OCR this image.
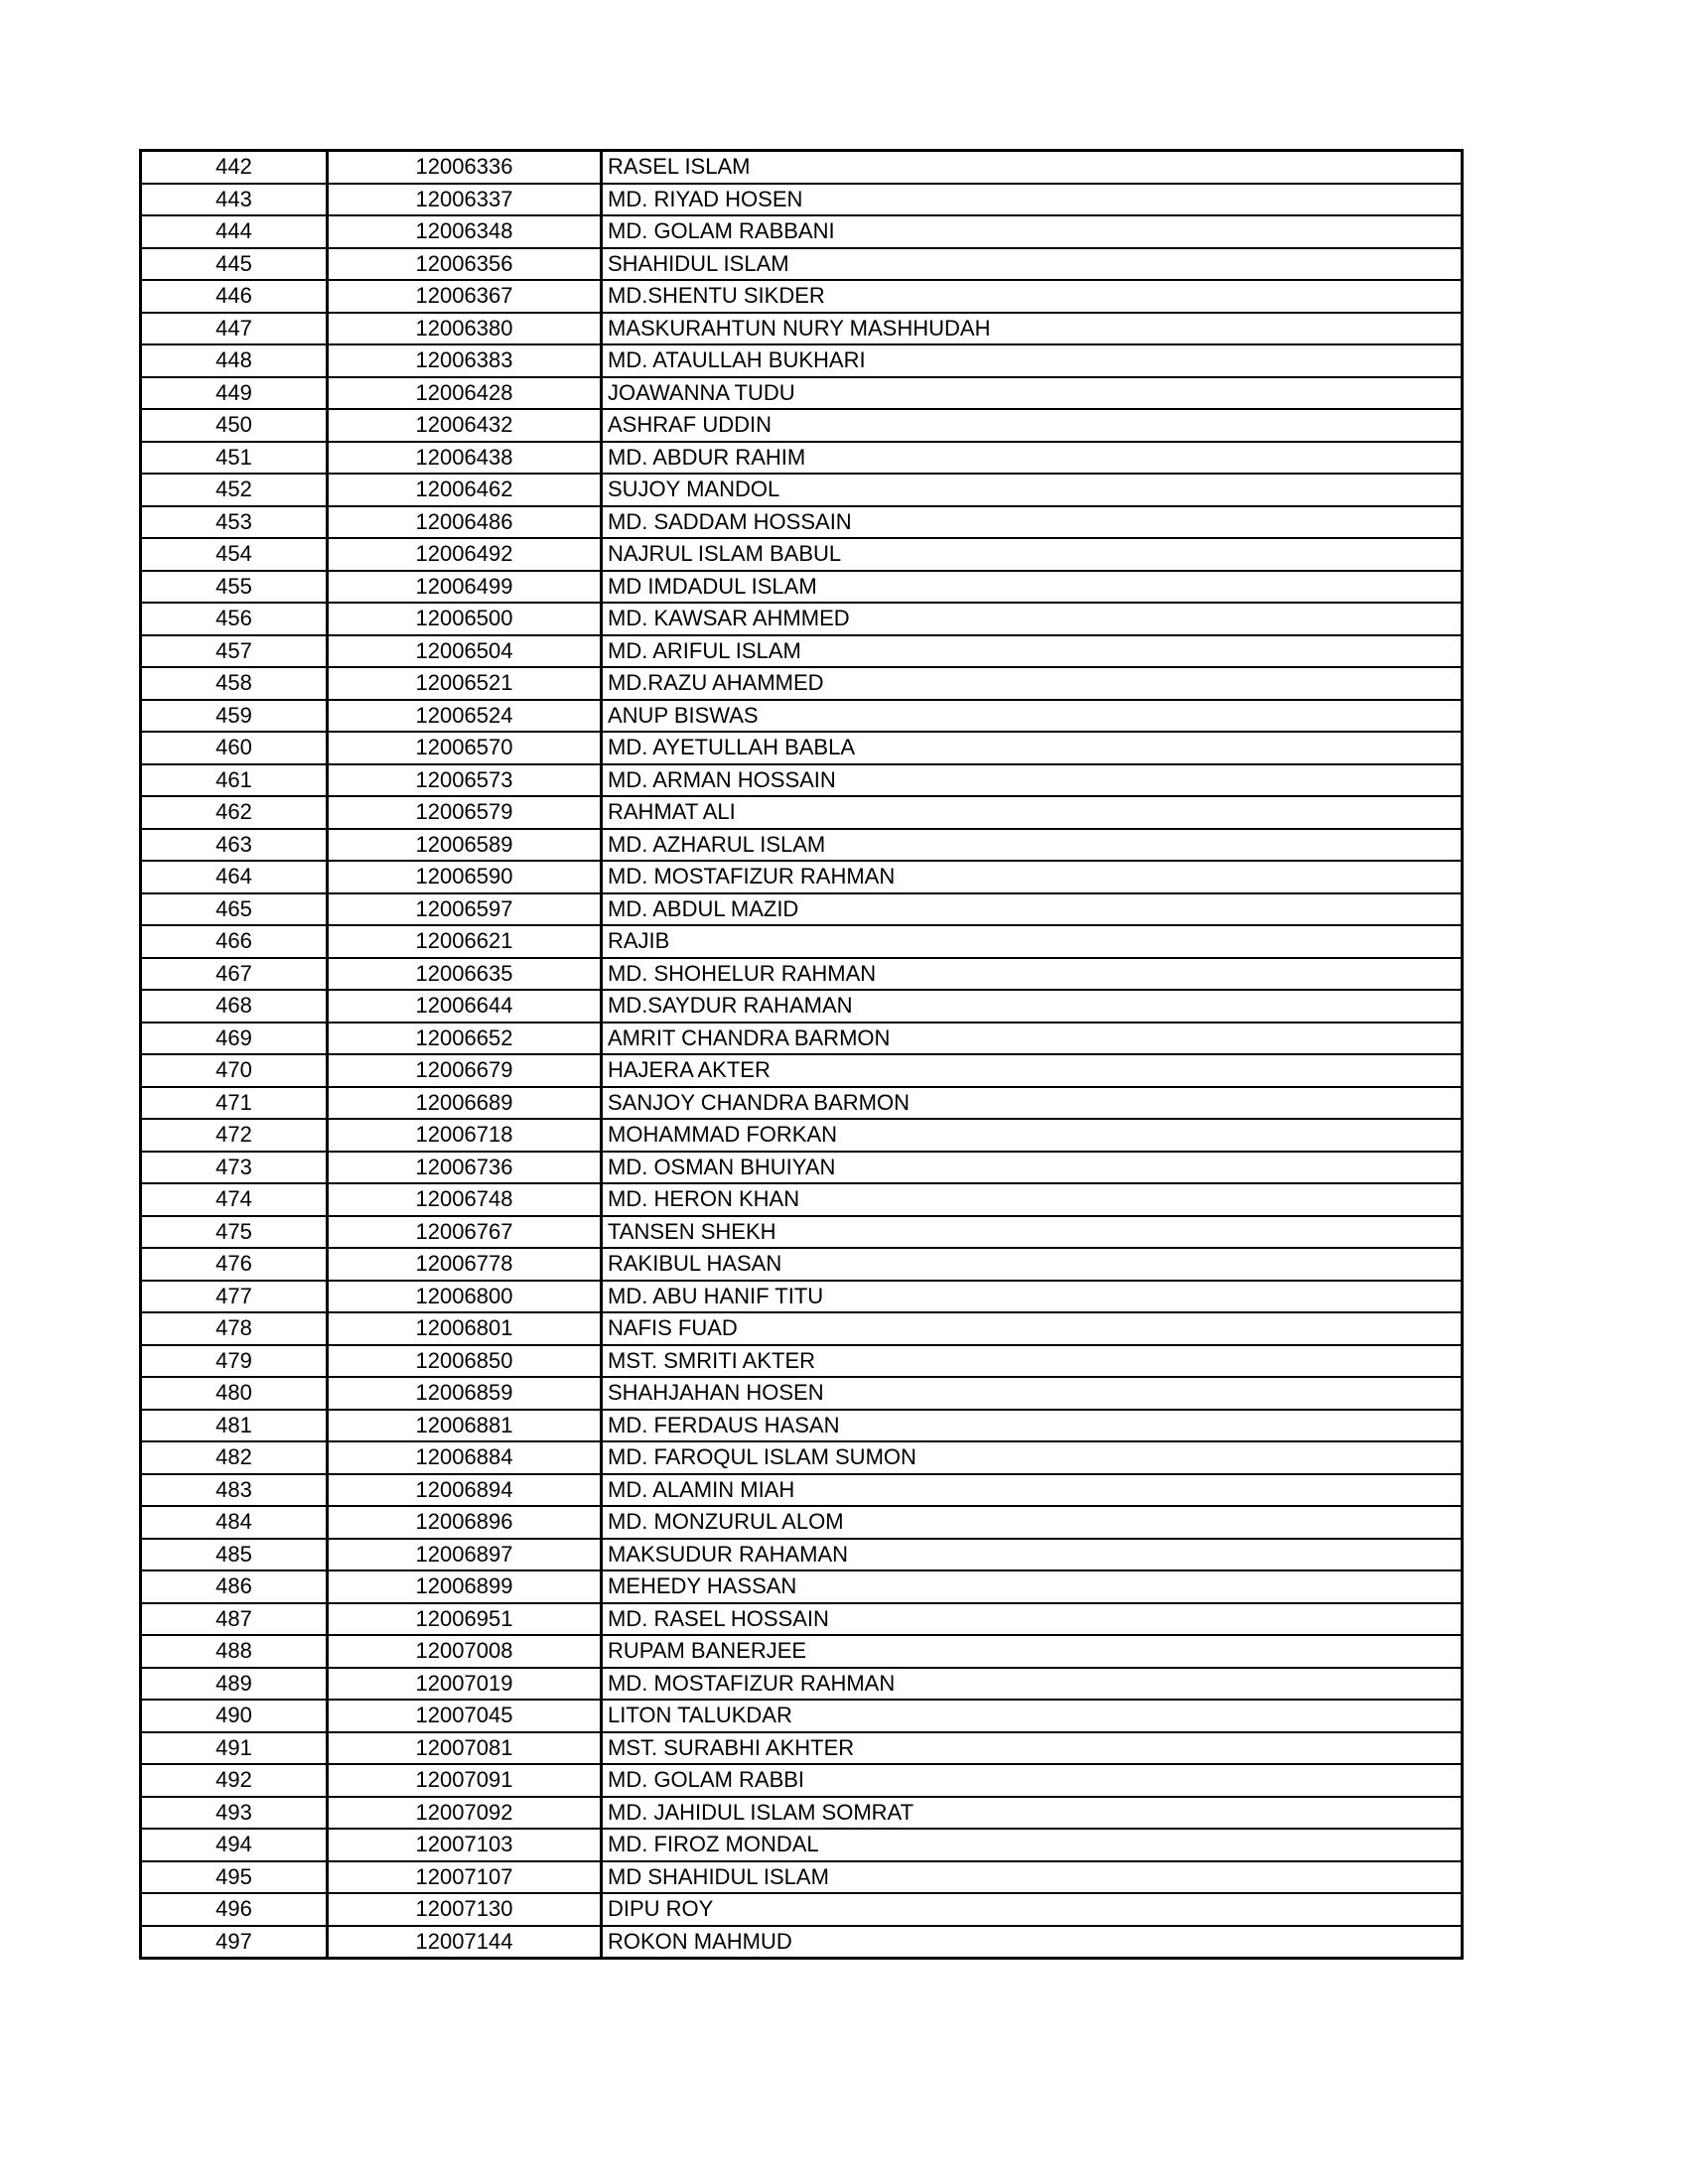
442	12006336	RASEL ISLAM
443	12006337	MD. RIYAD HOSEN
444	12006348	MD. GOLAM RABBANI
445	12006356	SHAHIDUL ISLAM
446	12006367	MD.SHENTU SIKDER
447	12006380	MASKURAHTUN NURY MASHHUDAH
448	12006383	MD. ATAULLAH BUKHARI
449	12006428	JOAWANNA TUDU
450	12006432	ASHRAF UDDIN
451	12006438	MD. ABDUR RAHIM
452	12006462	SUJOY MANDOL
453	12006486	MD. SADDAM HOSSAIN
454	12006492	NAJRUL ISLAM BABUL
455	12006499	MD IMDADUL ISLAM
456	12006500	MD. KAWSAR AHMMED
457	12006504	MD. ARIFUL ISLAM
458	12006521	MD.RAZU AHAMMED
459	12006524	ANUP BISWAS
460	12006570	MD. AYETULLAH BABLA
461	12006573	MD. ARMAN HOSSAIN
462	12006579	RAHMAT ALI
463	12006589	MD. AZHARUL ISLAM
464	12006590	MD. MOSTAFIZUR RAHMAN
465	12006597	MD. ABDUL MAZID
466	12006621	RAJIB
467	12006635	MD. SHOHELUR RAHMAN
468	12006644	MD.SAYDUR RAHAMAN
469	12006652	AMRIT CHANDRA BARMON
470	12006679	HAJERA AKTER
471	12006689	SANJOY CHANDRA BARMON
472	12006718	MOHAMMAD FORKAN
473	12006736	MD. OSMAN BHUIYAN
474	12006748	MD. HERON KHAN
475	12006767	TANSEN SHEKH
476	12006778	RAKIBUL HASAN
477	12006800	MD. ABU HANIF TITU
478	12006801	NAFIS FUAD
479	12006850	MST. SMRITI AKTER
480	12006859	SHAHJAHAN HOSEN
481	12006881	MD. FERDAUS HASAN
482	12006884	MD. FAROQUL ISLAM SUMON
483	12006894	MD. ALAMIN MIAH
484	12006896	MD. MONZURUL ALOM
485	12006897	MAKSUDUR RAHAMAN
486	12006899	MEHEDY HASSAN
487	12006951	MD. RASEL HOSSAIN
488	12007008	RUPAM BANERJEE
489	12007019	MD. MOSTAFIZUR RAHMAN
490	12007045	LITON TALUKDAR
491	12007081	MST. SURABHI AKHTER
492	12007091	MD. GOLAM RABBI
493	12007092	MD. JAHIDUL ISLAM SOMRAT
494	12007103	MD. FIROZ MONDAL
495	12007107	MD SHAHIDUL ISLAM
496	12007130	DIPU ROY
497	12007144	ROKON MAHMUD
